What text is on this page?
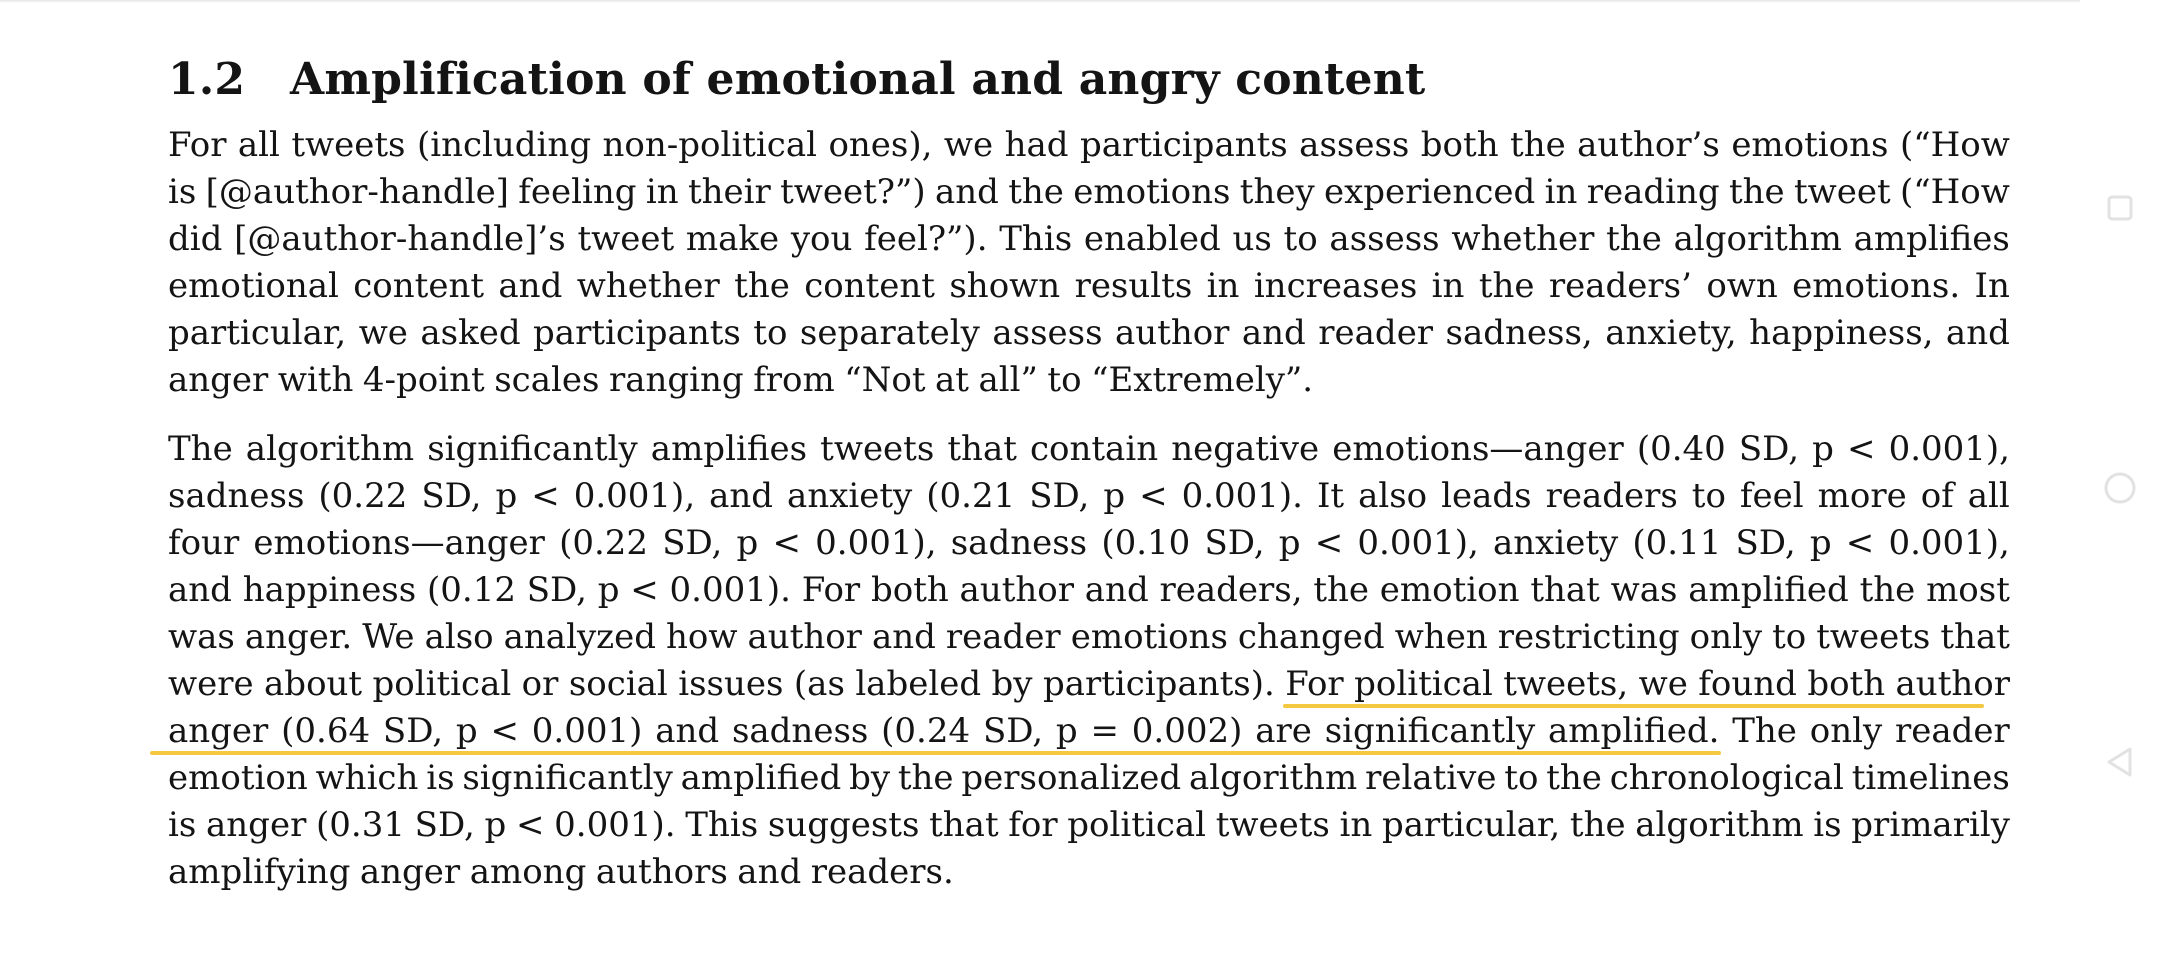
1.2 Amplification of emotional and angry content
For all tweets (including non-political ones), we had participants assess both the author’s emotions (“How
is [@author-handle] feeling in their tweet?”) and the emotions they experienced in reading the tweet (“How
did [@author-handle]’s tweet make you feel?”). This enabled us to assess whether the algorithm amplifies
emotional content and whether the content shown results in increases in the readers’ own emotions. In
particular, we asked participants to separately assess author and reader sadness, anxiety, happiness, and
anger with 4-point scales ranging from “Not at all” to “Extremely”.
The algorithm significantly amplifies tweets that contain negative emotions—anger (0.40 SD, p < 0.001),
sadness (0.22 SD, p < 0.001), and anxiety (0.21 SD, p < 0.001). It also leads readers to feel more of all
four emotions—anger (0.22 SD, p < 0.001), sadness (0.10 SD, p < 0.001), anxiety (0.11 SD, p < 0.001),
and happiness (0.12 SD, p < 0.001). For both author and readers, the emotion that was amplified the most
was anger. We also analyzed how author and reader emotions changed when restricting only to tweets that
were about political or social issues (as labeled by participants). For political tweets, we found both author
anger (0.64 SD, p < 0.001) and sadness (0.24 SD, p = 0.002) are significantly amplified. The only reader
emotion which is significantly amplified by the personalized algorithm relative to the chronological timelines
is anger (0.31 SD, p < 0.001). This suggests that for political tweets in particular, the algorithm is primarily
amplifying anger among authors and readers.
